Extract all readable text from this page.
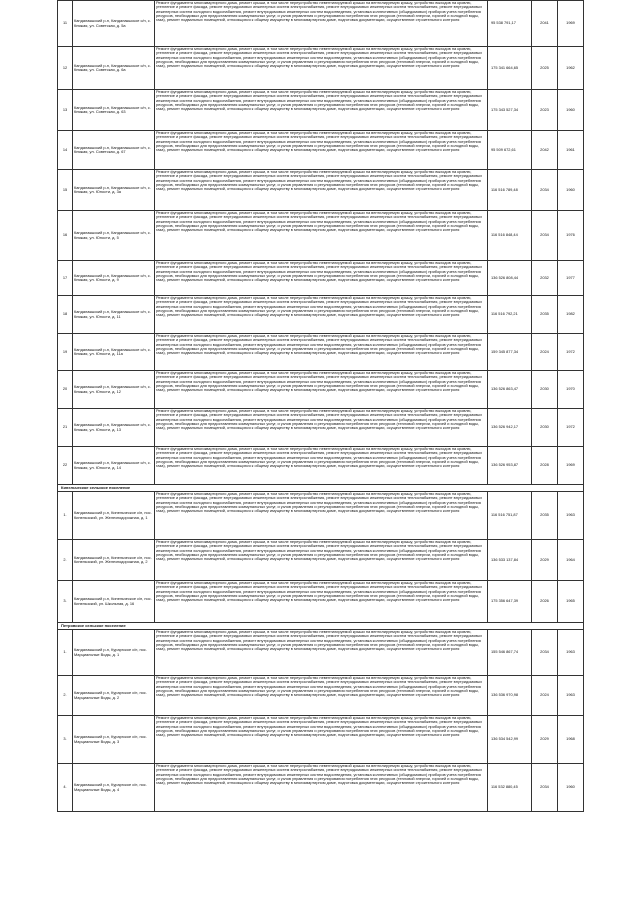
11	Кандалакшский р-н, Кандалакшское с/п, с. Княжая, ул. Советская, д. 5а	Ремонт фундамента многоквартирного дома, ремонт крыши, в том числе переустройство невентилируемой крыши на вентилируемую крышу, устройство выходов на кровлю, утепление и ремонт фасада, ремонт внутридомовых инженерных систем электроснабжения, ремонт внутридомовых инженерных систем теплоснабжения, ремонт внутридомовых инженерных систем холодного водоснабжения, ремонт внутридомовых инженерных систем водоотведения, установка коллективных (общедомовых) приборов учета потребления ресурсов, необходимых для предоставления коммунальных услуг, и узлов управления и регулирования потребления этих ресурсов (тепловой энергии, горячей и холодной воды, газа), ремонт подвальных помещений, относящихся к общему имуществу в многоквартирном доме, подготовка документации, осуществление строительного контроля	95 538 791,17	2041	1969

12	Кандалакшский р-н, Кандалакшское с/п, с. Княжая, ул. Советская, д. 6а	Ремонт фундамента многоквартирного дома, ремонт крыши, в том числе переустройство невентилируемой крыши на вентилируемую крышу, устройство выходов на кровлю, утепление и ремонт фасада, ремонт внутридомовых инженерных систем электроснабжения, ремонт внутридомовых инженерных систем теплоснабжения, ремонт внутридомовых инженерных систем холодного водоснабжения, ремонт внутридомовых инженерных систем водоотведения, установка коллективных (общедомовых) приборов учета потребления ресурсов, необходимых для предоставления коммунальных услуг, и узлов управления и регулирования потребления этих ресурсов (тепловой энергии, горячей и холодной воды, газа), ремонт подвальных помещений, относящихся к общему имуществу в многоквартирном доме, подготовка документации, осуществление строительного контроля	175 341 664,65	2025	1962

13	Кандалакшский р-н, Кандалакшское с/п, с. Княжая, ул. Советская, д. 63	Ремонт фундамента многоквартирного дома, ремонт крыши, в том числе переустройство невентилируемой крыши на вентилируемую крышу, устройство выходов на кровлю, утепление и ремонт фасада, ремонт внутридомовых инженерных систем электроснабжения, ремонт внутридомовых инженерных систем теплоснабжения, ремонт внутридомовых инженерных систем холодного водоснабжения, ремонт внутридомовых инженерных систем водоотведения, установка коллективных (общедомовых) приборов учета потребления ресурсов, необходимых для предоставления коммунальных услуг, и узлов управления и регулирования потребления этих ресурсов (тепловой энергии, горячей и холодной воды, газа), ремонт подвальных помещений, относящихся к общему имуществу в многоквартирном доме, подготовка документации, осуществление строительного контроля	175 343 527,34	2023	1960

14	Кандалакшский р-н, Кандалакшское с/п, с. Княжая, ул. Советская, д. 67	Ремонт фундамента многоквартирного дома, ремонт крыши, в том числе переустройство невентилируемой крыши на вентилируемую крышу, устройство выходов на кровлю, утепление и ремонт фасада, ремонт внутридомовых инженерных систем электроснабжения, ремонт внутридомовых инженерных систем теплоснабжения, ремонт внутридомовых инженерных систем холодного водоснабжения, ремонт внутридомовых инженерных систем водоотведения, установка коллективных (общедомовых) приборов учета потребления ресурсов, необходимых для предоставления коммунальных услуг, и узлов управления и регулирования потребления этих ресурсов (тепловой энергии, горячей и холодной воды, газа), ремонт подвальных помещений, относящихся к общему имуществу в многоквартирном доме, подготовка документации, осуществление строительного контроля	95 509 672,61	2042	1961

15	Кандалакшский р-н, Кандалакшское с/п, с. Княжая, ул. Юности, д. 3а	Ремонт фундамента многоквартирного дома, ремонт крыши, в том числе переустройство невентилируемой крыши на вентилируемую крышу, устройство выходов на кровлю, утепление и ремонт фасада, ремонт внутридомовых инженерных систем электроснабжения, ремонт внутридомовых инженерных систем теплоснабжения, ремонт внутридомовых инженерных систем холодного водоснабжения, ремонт внутридомовых инженерных систем водоотведения, установка коллективных (общедомовых) приборов учета потребления ресурсов, необходимых для предоставления коммунальных услуг, и узлов управления и регулирования потребления этих ресурсов (тепловой энергии, горячей и холодной воды, газа), ремонт подвальных помещений, относящихся к общему имуществу в многоквартирном доме, подготовка документации, осуществление строительного контроля	116 516 789,48	2034	1960

16	Кандалакшский р-н, Кандалакшское с/п, с. Княжая, ул. Юности, д. 5	Ремонт фундамента многоквартирного дома, ремонт крыши, в том числе переустройство невентилируемой крыши на вентилируемую крышу, устройство выходов на кровлю, утепление и ремонт фасада, ремонт внутридомовых инженерных систем электроснабжения, ремонт внутридомовых инженерных систем теплоснабжения, ремонт внутридомовых инженерных систем холодного водоснабжения, ремонт внутридомовых инженерных систем водоотведения, установка коллективных (общедомовых) приборов учета потребления ресурсов, необходимых для предоставления коммунальных услуг, и узлов управления и регулирования потребления этих ресурсов (тепловой энергии, горячей и холодной воды, газа), ремонт подвальных помещений, относящихся к общему имуществу в многоквартирном доме, подготовка документации, осуществление строительного контроля	116 516 848,44	2034	1976

17	Кандалакшский р-н, Кандалакшское с/п, с. Княжая, ул. Юности, д. 9	Ремонт фундамента многоквартирного дома, ремонт крыши, в том числе переустройство невентилируемой крыши на вентилируемую крышу, устройство выходов на кровлю, утепление и ремонт фасада, ремонт внутридомовых инженерных систем электроснабжения, ремонт внутридомовых инженерных систем теплоснабжения, ремонт внутридомовых инженерных систем холодного водоснабжения, ремонт внутридомовых инженерных систем водоотведения, установка коллективных (общедомовых) приборов учета потребления ресурсов, необходимых для предоставления коммунальных услуг, и узлов управления и регулирования потребления этих ресурсов (тепловой энергии, горячей и холодной воды, газа), ремонт подвальных помещений, относящихся к общему имуществу в многоквартирном доме, подготовка документации, осуществление строительного контроля	136 526 808,44	2032	1977

18	Кандалакшский р-н, Кандалакшское с/п, с. Княжая, ул. Юности, д. 11	Ремонт фундамента многоквартирного дома, ремонт крыши, в том числе переустройство невентилируемой крыши на вентилируемую крышу, устройство выходов на кровлю, утепление и ремонт фасада, ремонт внутридомовых инженерных систем электроснабжения, ремонт внутридомовых инженерных систем теплоснабжения, ремонт внутридомовых инженерных систем холодного водоснабжения, ремонт внутридомовых инженерных систем водоотведения, установка коллективных (общедомовых) приборов учета потребления ресурсов, необходимых для предоставления коммунальных услуг, и узлов управления и регулирования потребления этих ресурсов (тепловой энергии, горячей и холодной воды, газа), ремонт подвальных помещений, относящихся к общему имуществу в многоквартирном доме, подготовка документации, осуществление строительного контроля	116 516 792,21	2035	1982

19	Кандалакшский р-н, Кандалакшское с/п, с. Княжая, ул. Юности, д. 11а	Ремонт фундамента многоквартирного дома, ремонт крыши, в том числе переустройство невентилируемой крыши на вентилируемую крышу, устройство выходов на кровлю, утепление и ремонт фасада, ремонт внутридомовых инженерных систем электроснабжения, ремонт внутридомовых инженерных систем теплоснабжения, ремонт внутридомовых инженерных систем холодного водоснабжения, ремонт внутридомовых инженерных систем водоотведения, установка коллективных (общедомовых) приборов учета потребления ресурсов, необходимых для предоставления коммунальных услуг, и узлов управления и регулирования потребления этих ресурсов (тепловой энергии, горячей и холодной воды, газа), ремонт подвальных помещений, относящихся к общему имуществу в многоквартирном доме, подготовка документации, осуществление строительного контроля	159 345 877,34	2024	1972

20	Кандалакшский р-н, Кандалакшское с/п, с. Княжая, ул. Юности, д. 12	Ремонт фундамента многоквартирного дома, ремонт крыши, в том числе переустройство невентилируемой крыши на вентилируемую крышу, устройство выходов на кровлю, утепление и ремонт фасада, ремонт внутридомовых инженерных систем электроснабжения, ремонт внутридомовых инженерных систем теплоснабжения, ремонт внутридомовых инженерных систем холодного водоснабжения, ремонт внутридомовых инженерных систем водоотведения, установка коллективных (общедомовых) приборов учета потребления ресурсов, необходимых для предоставления коммунальных услуг, и узлов управления и регулирования потребления этих ресурсов (тепловой энергии, горячей и холодной воды, газа), ремонт подвальных помещений, относящихся к общему имуществу в многоквартирном доме, подготовка документации, осуществление строительного контроля	136 526 863,47	2030	1970

21	Кандалакшский р-н, Кандалакшское с/п, с. Княжая, ул. Юности, д. 13	Ремонт фундамента многоквартирного дома, ремонт крыши, в том числе переустройство невентилируемой крыши на вентилируемую крышу, устройство выходов на кровлю, утепление и ремонт фасада, ремонт внутридомовых инженерных систем электроснабжения, ремонт внутридомовых инженерных систем теплоснабжения, ремонт внутридомовых инженерных систем холодного водоснабжения, ремонт внутридомовых инженерных систем водоотведения, установка коллективных (общедомовых) приборов учета потребления ресурсов, необходимых для предоставления коммунальных услуг, и узлов управления и регулирования потребления этих ресурсов (тепловой энергии, горячей и холодной воды, газа), ремонт подвальных помещений, относящихся к общему имуществу в многоквартирном доме, подготовка документации, осуществление строительного контроля	136 526 942,17	2030	1972

22	Кандалакшский р-н, Кандалакшское с/п, с. Княжая, ул. Юности, д. 14	Ремонт фундамента многоквартирного дома, ремонт крыши, в том числе переустройство невентилируемой крыши на вентилируемую крышу, устройство выходов на кровлю, утепление и ремонт фасада, ремонт внутридомовых инженерных систем электроснабжения, ремонт внутридомовых инженерных систем теплоснабжения, ремонт внутридомовых инженерных систем холодного водоснабжения, ремонт внутридомовых инженерных систем водоотведения, установка коллективных (общедомовых) приборов учета потребления ресурсов, необходимых для предоставления коммунальных услуг, и узлов управления и регулирования потребления этих ресурсов (тепловой энергии, горячей и холодной воды, газа), ремонт подвальных помещений, относящихся к общему имуществу в многоквартирном доме, подготовка документации, осуществление строительного контроля	136 526 953,87	2028	1969

Кинельческое сельское поселение					

1.	Кандалакшский р-н, Кинельческое с/п, пос. Кинельчский, ул. Железнодорожная, д. 1	Ремонт фундамента многоквартирного дома, ремонт крыши, в том числе переустройство невентилируемой крыши на вентилируемую крышу, устройство выходов на кровлю, утепление и ремонт фасада, ремонт внутридомовых инженерных систем электроснабжения, ремонт внутридомовых инженерных систем теплоснабжения, ремонт внутридомовых инженерных систем холодного водоснабжения, ремонт внутридомовых инженерных систем водоотведения, установка коллективных (общедомовых) приборов учета потребления ресурсов, необходимых для предоставления коммунальных услуг, и узлов управления и регулирования потребления этих ресурсов (тепловой энергии, горячей и холодной воды, газа), ремонт подвальных помещений, относящихся к общему имуществу в многоквартирном доме, подготовка документации, осуществление строительного контроля	116 516 751,87	2035	1963

2.	Кандалакшский р-н, Кинельческое с/п, пос. Кинельчский, ул. Железнодорожная, д. 2	Ремонт фундамента многоквартирного дома, ремонт крыши, в том числе переустройство невентилируемой крыши на вентилируемую крышу, устройство выходов на кровлю, утепление и ремонт фасада, ремонт внутридомовых инженерных систем электроснабжения, ремонт внутридомовых инженерных систем теплоснабжения, ремонт внутридомовых инженерных систем холодного водоснабжения, ремонт внутридомовых инженерных систем водоотведения, установка коллективных (общедомовых) приборов учета потребления ресурсов, необходимых для предоставления коммунальных услуг, и узлов управления и регулирования потребления этих ресурсов (тепловой энергии, горячей и холодной воды, газа), ремонт подвальных помещений, относящихся к общему имуществу в многоквартирном доме, подготовка документации, осуществление строительного контроля	136 533 137,84	2029	1964

3.	Кандалакшский р-н, Кинельческое с/п, пос. Кинельчский, ул. Школьная, д. 16	Ремонт фундамента многоквартирного дома, ремонт крыши, в том числе переустройство невентилируемой крыши на вентилируемую крышу, устройство выходов на кровлю, утепление и ремонт фасада, ремонт внутридомовых инженерных систем электроснабжения, ремонт внутридомовых инженерных систем теплоснабжения, ремонт внутридомовых инженерных систем холодного водоснабжения, ремонт внутридомовых инженерных систем водоотведения, установка коллективных (общедомовых) приборов учета потребления ресурсов, необходимых для предоставления коммунальных услуг, и узлов управления и регулирования потребления этих ресурсов (тепловой энергии, горячей и холодной воды, газа), ремонт подвальных помещений, относящихся к общему имуществу в многоквартирном доме, подготовка документации, осуществление строительного контроля	175 356 647,39	2026	1965

Петровское сельское поселение					

1.	Кандалакшский р-н, Кураргское с/п, пос. Марциальные Воды, д. 1	Ремонт фундамента многоквартирного дома, ремонт крыши, в том числе переустройство невентилируемой крыши на вентилируемую крышу, устройство выходов на кровлю, утепление и ремонт фасада, ремонт внутридомовых инженерных систем электроснабжения, ремонт внутридомовых инженерных систем теплоснабжения, ремонт внутридомовых инженерных систем холодного водоснабжения, ремонт внутридомовых инженерных систем водоотведения, установка коллективных (общедомовых) приборов учета потребления ресурсов, необходимых для предоставления коммунальных услуг, и узлов управления и регулирования потребления этих ресурсов (тепловой энергии, горячей и холодной воды, газа), ремонт подвальных помещений, относящихся к общему имуществу в многоквартирном доме, подготовка документации, осуществление строительного контроля	155 546 867,74	2034	1963

2.	Кандалакшский р-н, Кураргское с/п, пос. Марциальные Воды, д. 2	Ремонт фундамента многоквартирного дома, ремонт крыши, в том числе переустройство невентилируемой крыши на вентилируемую крышу, устройство выходов на кровлю, утепление и ремонт фасада, ремонт внутридомовых инженерных систем электроснабжения, ремонт внутридомовых инженерных систем теплоснабжения, ремонт внутридомовых инженерных систем холодного водоснабжения, ремонт внутридомовых инженерных систем водоотведения, установка коллективных (общедомовых) приборов учета потребления ресурсов, необходимых для предоставления коммунальных услуг, и узлов управления и регулирования потребления этих ресурсов (тепловой энергии, горячей и холодной воды, газа), ремонт подвальных помещений, относящихся к общему имуществу в многоквартирном доме, подготовка документации, осуществление строительного контроля	136 536 970,98	2024	1963

3.	Кандалакшский р-н, Кураргское с/п, пос. Марциальные Воды, д. 3	Ремонт фундамента многоквартирного дома, ремонт крыши, в том числе переустройство невентилируемой крыши на вентилируемую крышу, устройство выходов на кровлю, утепление и ремонт фасада, ремонт внутридомовых инженерных систем электроснабжения, ремонт внутридомовых инженерных систем теплоснабжения, ремонт внутридомовых инженерных систем холодного водоснабжения, ремонт внутридомовых инженерных систем водоотведения, установка коллективных (общедомовых) приборов учета потребления ресурсов, необходимых для предоставления коммунальных услуг, и узлов управления и регулирования потребления этих ресурсов (тепловой энергии, горячей и холодной воды, газа), ремонт подвальных помещений, относящихся к общему имуществу в многоквартирном доме, подготовка документации, осуществление строительного контроля	136 534 542,99	2029	1968

4.	Кандалакшский р-н, Кураргское с/п, пос. Марциальные Воды, д. 4	Ремонт фундамента многоквартирного дома, ремонт крыши, в том числе переустройство невентилируемой крыши на вентилируемую крышу, устройство выходов на кровлю, утепление и ремонт фасада, ремонт внутридомовых инженерных систем электроснабжения, ремонт внутридомовых инженерных систем теплоснабжения, ремонт внутридомовых инженерных систем холодного водоснабжения, ремонт внутридомовых инженерных систем водоотведения, установка коллективных (общедомовых) приборов учета потребления ресурсов, необходимых для предоставления коммунальных услуг, и узлов управления и регулирования потребления этих ресурсов (тепловой энергии, горячей и холодной воды, газа), ремонт подвальных помещений, относящихся к общему имуществу в многоквартирном доме, подготовка документации, осуществление строительного контроля	116 532 880,45	2034	1960
